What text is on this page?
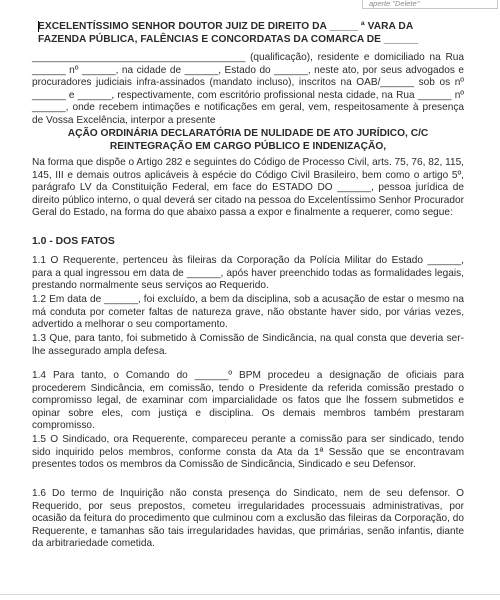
aperte "Delete"
EXCELENTÍSSIMO SENHOR DOUTOR JUIZ DE DIREITO DA _____ ª VARA DA FAZENDA PÚBLICA, FALÊNCIAS E CONCORDATAS DA COMARCA DE ______

______________________________________ (qualificação), residente e domiciliado na Rua ______ nº ______, na cidade de ______, Estado do ______, neste ato, por seus advogados e procuradores judiciais infra-assinados (mandato incluso), inscritos na OAB/______ sob os nº ______ e ______, respectivamente, com escritório profissional nesta cidade, na Rua ______ nº ______, onde recebem intimações e notificações em geral, vem, respeitosamente à presença de Vossa Excelência, interpor a presente

AÇÃO ORDINÁRIA DECLARATÓRIA DE NULIDADE DE ATO JURÍDICO, C/C REINTEGRAÇÃO EM CARGO PÚBLICO E INDENIZAÇÃO,

Na forma que dispõe o Artigo 282 e seguintes do Código de Processo Civil, arts. 75, 76, 82, 115, 145, III e demais outros aplicáveis à espécie do Código Civil Brasileiro, bem como o artigo 5º, parágrafo LV da Constituição Federal, em face do ESTADO DO ______, pessoa jurídica de direito público interno, o qual deverá ser citado na pessoa do Excelentíssimo Senhor Procurador Geral do Estado, na forma do que abaixo passa a expor e finalmente a requerer, como segue:

1.0 - DOS FATOS

1.1 O Requerente, pertenceu às fileiras da Corporação da Polícia Militar do Estado ______, para a qual ingressou em data de ______, após haver preenchido todas as formalidades legais, prestando normalmente seus serviços ao Requerido.

1.2 Em data de ______, foi excluído, a bem da disciplina, sob a acusação de estar o mesmo na má conduta por cometer faltas de natureza grave, não obstante haver sido, por várias vezes, advertido a melhorar o seu comportamento.

1.3 Que, para tanto, foi submetido à Comissão de Sindicância, na qual consta que deveria ser-lhe assegurado ampla defesa.

1.4 Para tanto, o Comando do ______º BPM procedeu a designação de oficiais para procederem Sindicância, em comissão, tendo o Presidente da referida comissão prestado o compromisso legal, de examinar com imparcialidade os fatos que lhe fossem submetidos e opinar sobre eles, com justiça e disciplina. Os demais membros também prestaram compromisso.

1.5 O Sindicado, ora Requerente, compareceu perante a comissão para ser sindicado, tendo sido inquirido pelos membros, conforme consta da Ata da 1ª Sessão que se encontravam presentes todos os membros da Comissão de Sindicância, Sindicado e seu Defensor.

1.6 Do termo de Inquirição não consta presença do Sindicato, nem de seu defensor. O Requerido, por seus prepostos, cometeu irregularidades processuais administrativas, por ocasião da feitura do procedimento que culminou com a exclusão das fileiras da Corporação, do Requerente, e tamanhas são tais irregularidades havidas, que primárias, senão infantis, diante da arbitrariedade cometida.
